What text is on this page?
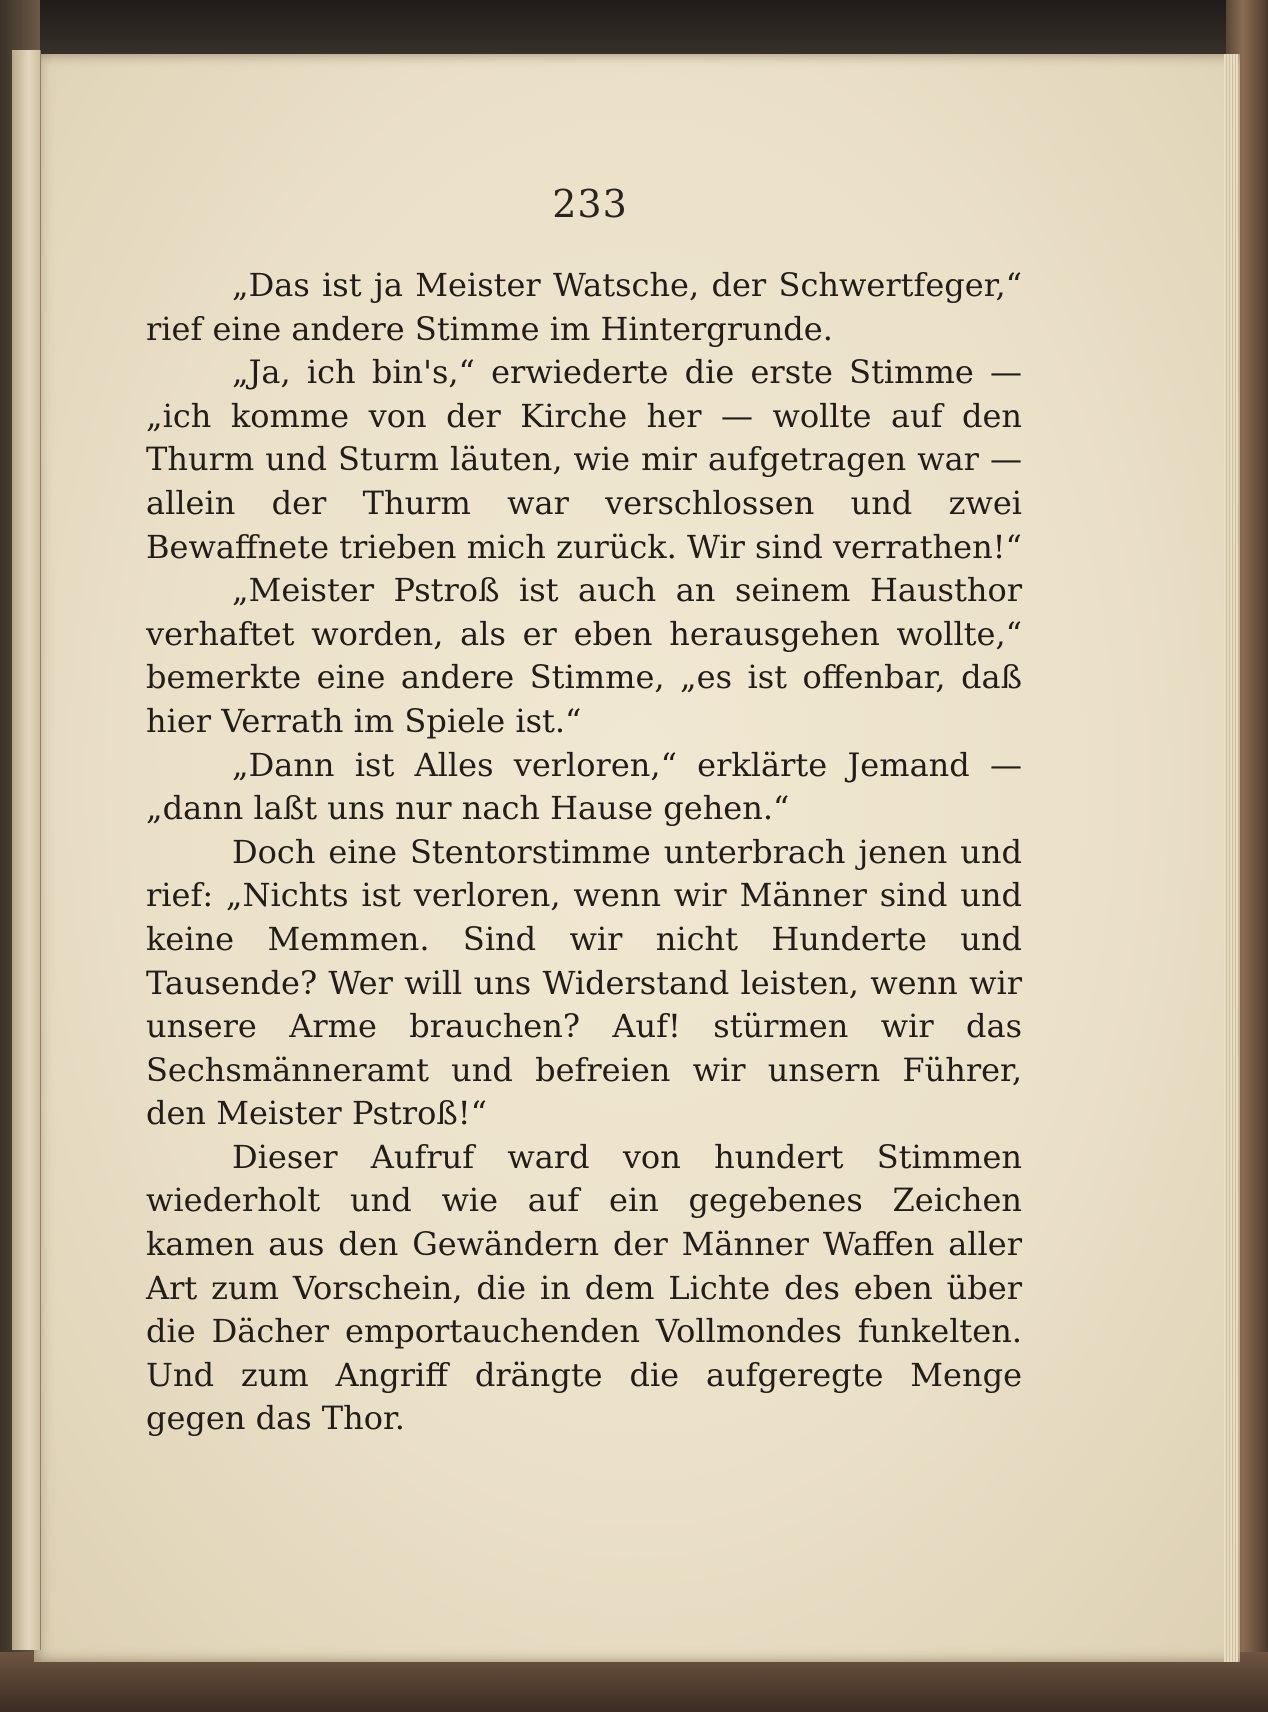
233

„Das ist ja Meister Watsche, der Schwertfeger,“ rief eine andere Stimme im Hintergrunde.

„Ja, ich bin's,“ erwiederte die erste Stimme — „ich komme von der Kirche her — wollte auf den Thurm und Sturm läuten, wie mir aufgetragen war — allein der Thurm war verschlossen und zwei Bewaffnete trieben mich zurück. Wir sind verrathen!“

„Meister Pstroß ist auch an seinem Hausthor verhaftet worden, als er eben herausgehen wollte,“ bemerkte eine andere Stimme, „es ist offenbar, daß hier Verrath im Spiele ist.“

„Dann ist Alles verloren,“ erklärte Jemand — „dann laßt uns nur nach Hause gehen.“

Doch eine Stentorstimme unterbrach jenen und rief: „Nichts ist verloren, wenn wir Männer sind und keine Memmen. Sind wir nicht Hunderte und Tausende? Wer will uns Widerstand leisten, wenn wir unsere Arme brauchen? Auf! stürmen wir das Sechsmänneramt und befreien wir unsern Führer, den Meister Pstroß!“

Dieser Aufruf ward von hundert Stimmen wiederholt und wie auf ein gegebenes Zeichen kamen aus den Gewändern der Männer Waffen aller Art zum Vorschein, die in dem Lichte des eben über die Dächer emportauchenden Vollmondes funkelten. Und zum Angriff drängte die aufgeregte Menge gegen das Thor.
